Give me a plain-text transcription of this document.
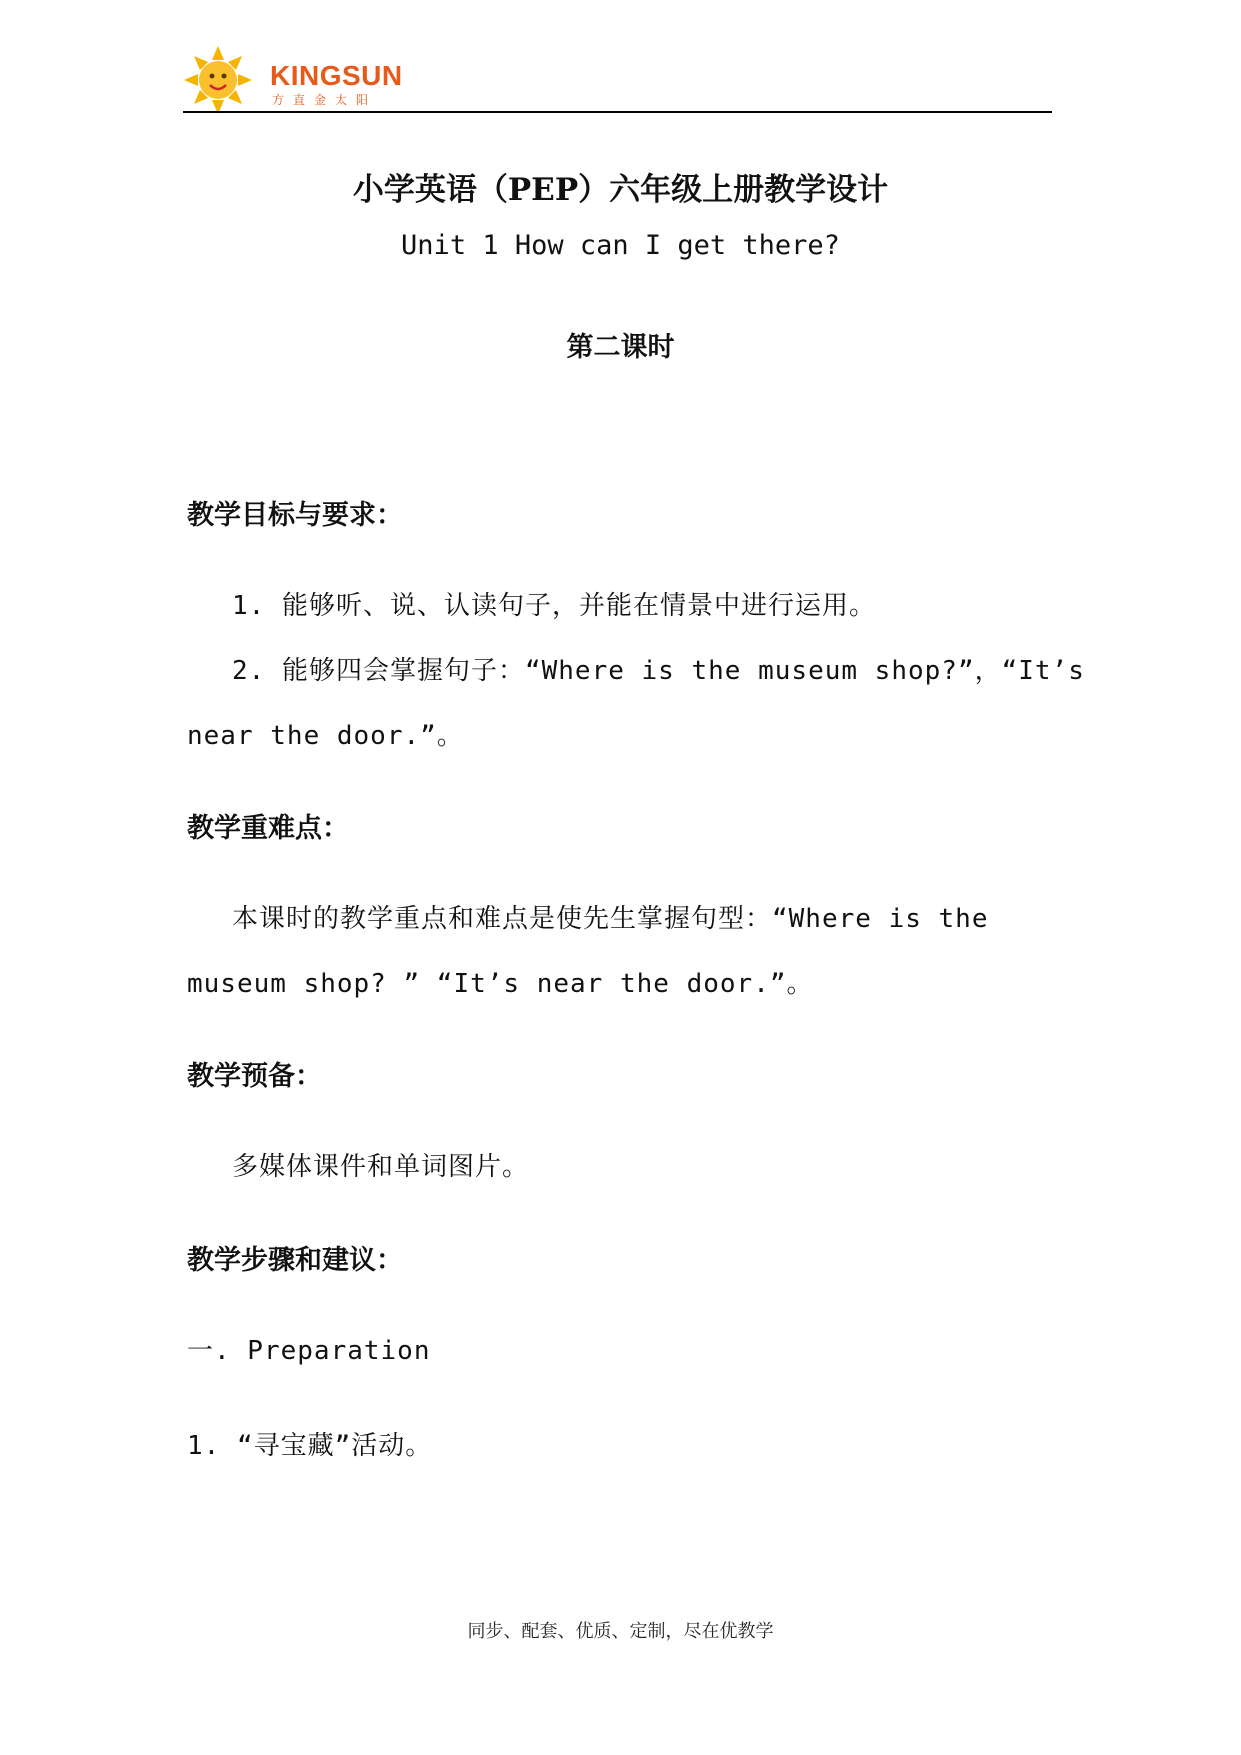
KINGSUN
方直金太阳
小学英语（PEP）六年级上册教学设计
Unit 1 How can I get there?
第二课时
教学目标与要求：
1. 能够听、说、认读句子，并能在情景中进行运用。
2. 能够四会掌握句子：“Where is the museum shop?”，“It’s
near the door.”。
教学重难点：
本课时的教学重点和难点是使先生掌握句型：“Where is the
museum shop? ” “It’s near the door.”。
教学预备：
多媒体课件和单词图片。
教学步骤和建议：
一. Preparation
1. “寻宝藏”活动。
同步、配套、优质、定制，尽在优教学
